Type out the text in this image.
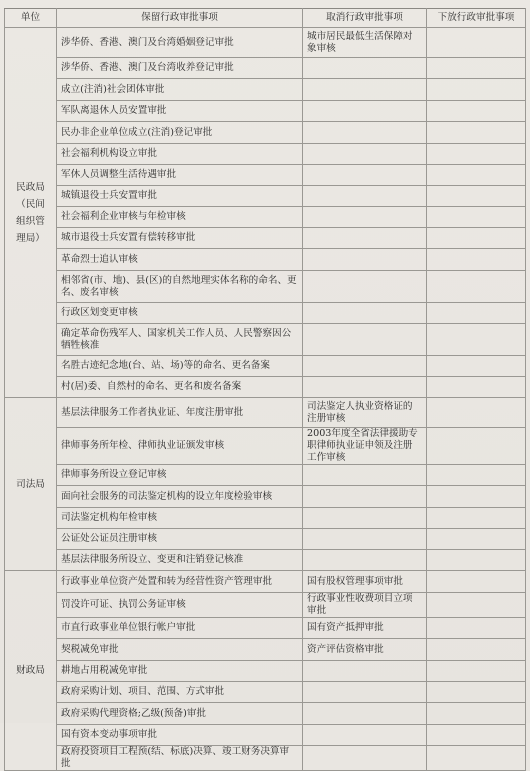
单位	保留行政审批事项	取消行政审批事项	下放行政审批事项
民政局（民间组织管理局）	涉华侨、香港、澳门及台湾婚姻登记审批	城市居民最低生活保障对象审核	
	涉华侨、香港、澳门及台湾收养登记审批		
	成立(注消)社会团体审批		
	军队离退休人员安置审批		
	民办非企业单位成立(注消)登记审批		
	社会福利机构设立审批		
	军休人员调整生活待遇审批		
	城镇退役士兵安置审批		
	社会福利企业审核与年检审核		
	城市退役士兵安置有偿转移审批		
	革命烈士追认审核		
	相邻省(市、地)、县(区)的自然地理实体名称的命名、更名、废名审核		
	行政区划变更审核		
	确定革命伤残军人、国家机关工作人员、人民警察因公牺牲核准		
	名胜古迹纪念地(台、站、场)等的命名、更名备案		
	村(居)委、自然村的命名、更名和废名备案		
司法局	基层法律服务工作者执业证、年度注册审批	司法鉴定人执业资格证的注册审核	
	律师事务所年检、律师执业证颁发审核	2003年度全省法律援助专职律师执业证申领及注册工作审核	
	律师事务所设立登记审核		
	面向社会服务的司法鉴定机构的设立年度检验审核		
	司法鉴定机构年检审核		
	公证处公证员注册审核		
	基层法律服务所设立、变更和注销登记核准		
财政局	行政事业单位资产处置和转为经营性资产管理审批	国有股权管理事项审批	
	罚没许可证、执罚公务证审核	行政事业性收费项目立项审批	
	市直行政事业单位银行帐户审批	国有资产抵押审批	
	契税减免审批	资产评估资格审批	
	耕地占用税减免审批		
	政府采购计划、项目、范围、方式审批		
	政府采购代理资格;乙级(预备)审批		
	国有资本变动事项审批		
	政府投资项目工程预(结、标底)决算、竣工财务决算审批		
